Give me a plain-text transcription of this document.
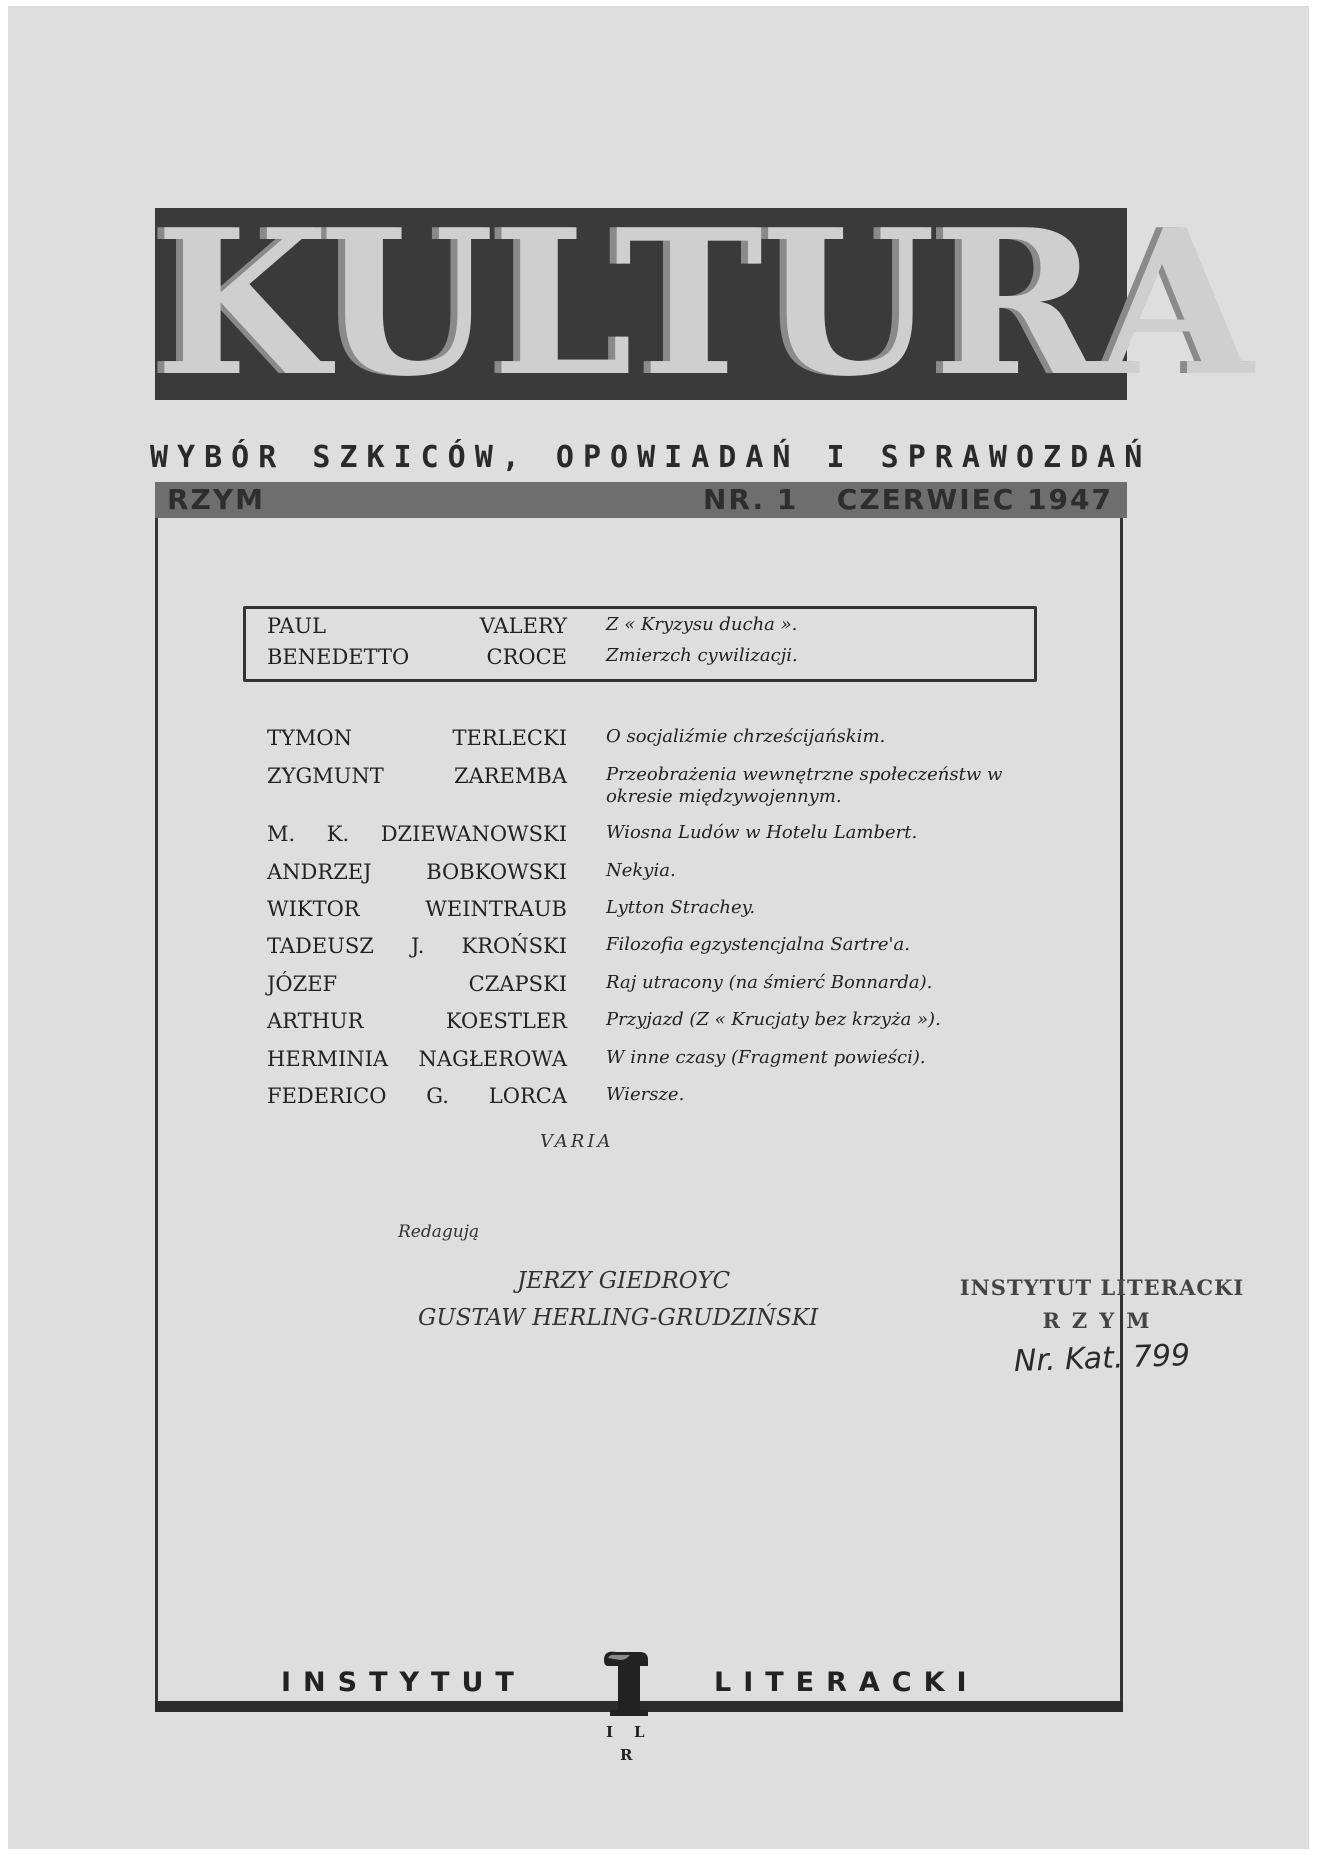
KULTURA
WYBÓR SZKICÓW, OPOWIADAŃ I SPRAWOZDAŃ
RZYM	NR. 1 CZERWIEC 1947
PAUL VALERY Z « Kryzysu ducha ».
BENEDETTO CROCE Zmierzch cywilizacji.
TYMON TERLECKI O socjaliźmie chrześcijańskim.
ZYGMUNT ZAREMBA Przeobrażenia wewnętrzne społeczeństw w okresie międzywojennym.
M. K. DZIEWANOWSKI Wiosna Ludów w Hotelu Lambert.
ANDRZEJ BOBKOWSKI Nekyia.
WIKTOR WEINTRAUB Lytton Strachey.
TADEUSZ J. KROŃSKI Filozofia egzystencjalna Sartre'a.
JÓZEF CZAPSKI Raj utracony (na śmierć Bonnarda).
ARTHUR KOESTLER Przyjazd (Z « Krucjaty bez krzyża »).
HERMINIA NAGŁEROWA W inne czasy (Fragment powieści).
FEDERICO G. LORCA Wiersze.
VARIA
Redagują
JERZY GIEDROYC
GUSTAW HERLING-GRUDZIŃSKI
INSTYTUT LITERACKI
RZYM
Nr. Kat. 799
INSTYTUT	LITERACKI
I L
R
